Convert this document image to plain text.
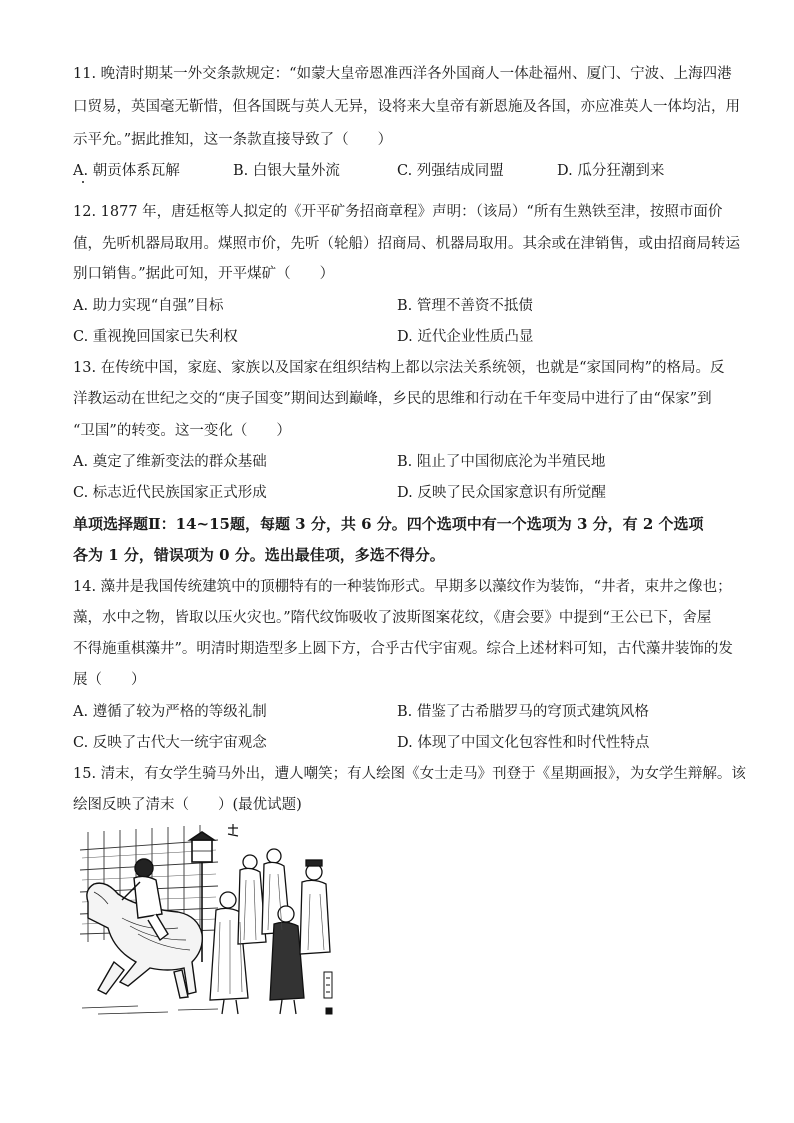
11. 晚清时期某一外交条款规定：“如蒙大皇帝恩准西洋各外国商人一体赴福州、厦门、宁波、上海四港
口贸易，英国毫无靳惜，但各国既与英人无异，设将来大皇帝有新恩施及各国，亦应准英人一体均沾，用
示平允。”据此推知，这一条款直接导致了（　　）
A. 朝贡体系瓦解	B. 白银大量外流	C. 列强结成同盟	D. 瓜分狂潮到来
12. 1877 年，唐廷枢等人拟定的《开平矿务招商章程》声明：（该局）“所有生熟铁至津，按照市面价
值，先听机器局取用。煤照市价，先听（轮船）招商局、机器局取用。其余或在津销售，或由招商局转运
别口销售。”据此可知，开平煤矿（　　）
A. 助力实现“自强”目标	B. 管理不善资不抵债
C. 重视挽回国家已失利权	D. 近代企业性质凸显
13. 在传统中国，家庭、家族以及国家在组织结构上都以宗法关系统领，也就是“家国同构”的格局。反
洋教运动在世纪之交的“庚子国变”期间达到巅峰，乡民的思维和行动在千年变局中进行了由“保家”到
“卫国”的转变。这一变化（　　）
A. 奠定了维新变法的群众基础	B. 阻止了中国彻底沦为半殖民地
C. 标志近代民族国家正式形成	D. 反映了民众国家意识有所觉醒
单项选择题Ⅱ：14~15题，每题 3 分，共 6 分。四个选项中有一个选项为 3 分，有 2 个选项
各为 1 分，错误项为 0 分。选出最佳项，多选不得分。
14. 藻井是我国传统建筑中的顶棚特有的一种装饰形式。早期多以藻纹作为装饰，“井者，束井之像也；
藻，水中之物，皆取以压火灾也。”隋代纹饰吸收了波斯图案花纹，《唐会要》中提到“王公已下，舍屋
不得施重棋藻井”。明清时期造型多上圆下方，合乎古代宇宙观。综合上述材料可知，古代藻井装饰的发
展（　　）
A. 遵循了较为严格的等级礼制	B. 借鉴了古希腊罗马的穹顶式建筑风格
C. 反映了古代大一统宇宙观念	D. 体现了中国文化包容性和时代性特点
15. 清末，有女学生骑马外出，遭人嘲笑；有人绘图《女士走马》刊登于《星期画报》，为女学生辩解。该
绘图反映了清末（　　）(最优试题)
